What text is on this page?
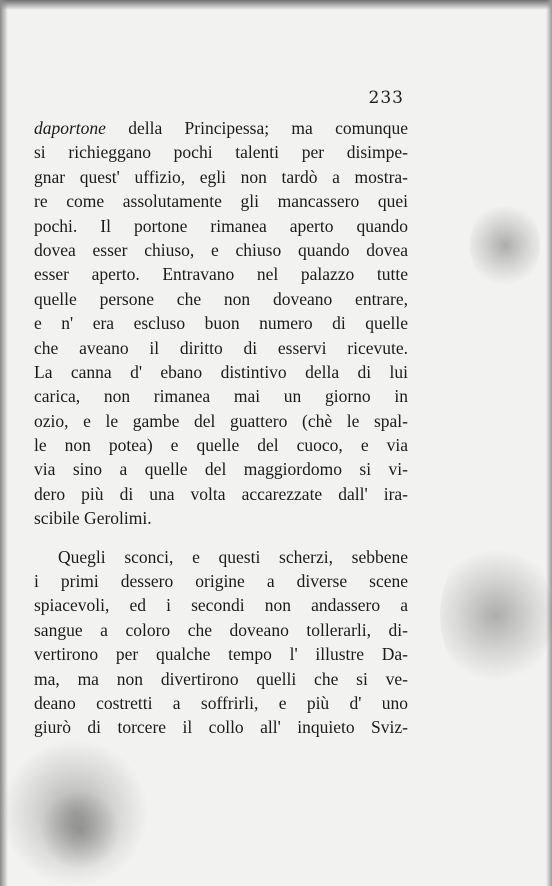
233
daportone della Principessa; ma comunque
si richieggano pochi talenti per disimpe-
gnar quest' uffizio, egli non tardò a mostra-
re come assolutamente gli mancassero quei
pochi. Il portone rimanea aperto quando
dovea esser chiuso, e chiuso quando dovea
esser aperto. Entravano nel palazzo tutte
quelle persone che non doveano entrare,
e n' era escluso buon numero di quelle
che aveano il diritto di esservi ricevute.
La canna d' ebano distintivo della di lui
carica, non rimanea mai un giorno in
ozio, e le gambe del guattero (chè le spal-
le non potea) e quelle del cuoco, e via
via sino a quelle del maggiordomo si vi-
dero più di una volta accarezzate dall' ira-
scibile Gerolimi.
Quegli sconci, e questi scherzi, sebbene
i primi dessero origine a diverse scene
spiacevoli, ed i secondi non andassero a
sangue a coloro che doveano tollerarli, di-
vertirono per qualche tempo l' illustre Da-
ma, ma non divertirono quelli che si ve-
deano costretti a soffrirli, e più d' uno
giurò di torcere il collo all' inquieto Sviz-
